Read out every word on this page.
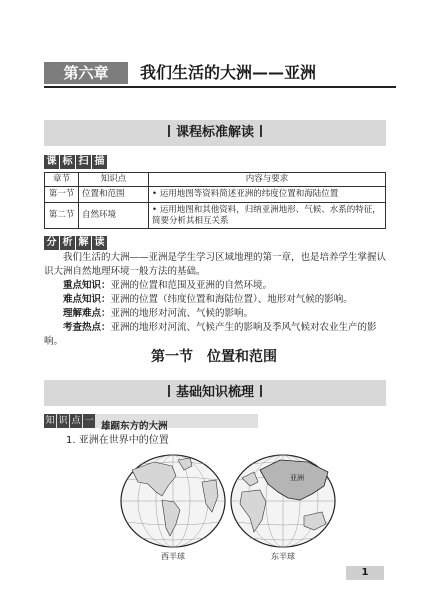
第六章	我们生活的大洲——亚洲
课程标准解读
课 标 扫 描
章节	知识点	内容与要求
第一节	位置和范围	• 运用地图等资料简述亚洲的纬度位置和海陆位置
第二节	自然环境	• 运用地图和其他资料，归纳亚洲地形、气候、水系的特征，简要分析其相互关系
分 析 解 读

我们生活的大洲——亚洲是学生学习区域地理的第一章，也是培养学生掌握认识大洲自然地理环境一般方法的基础。

重点知识：亚洲的位置和范围及亚洲的自然环境。

难点知识：亚洲的位置（纬度位置和海陆位置）、地形对气候的影响。

理解难点：亚洲的地形对河流、气候的影响。

考查热点：亚洲的地形对河流、气候产生的影响及季风气候对农业生产的影响。

第一节　位置和范围
基础知识梳理
知 识 点 一 雄踞东方的大洲
1. 亚洲在世界中的位置
西半球
亚洲
东半球
1
